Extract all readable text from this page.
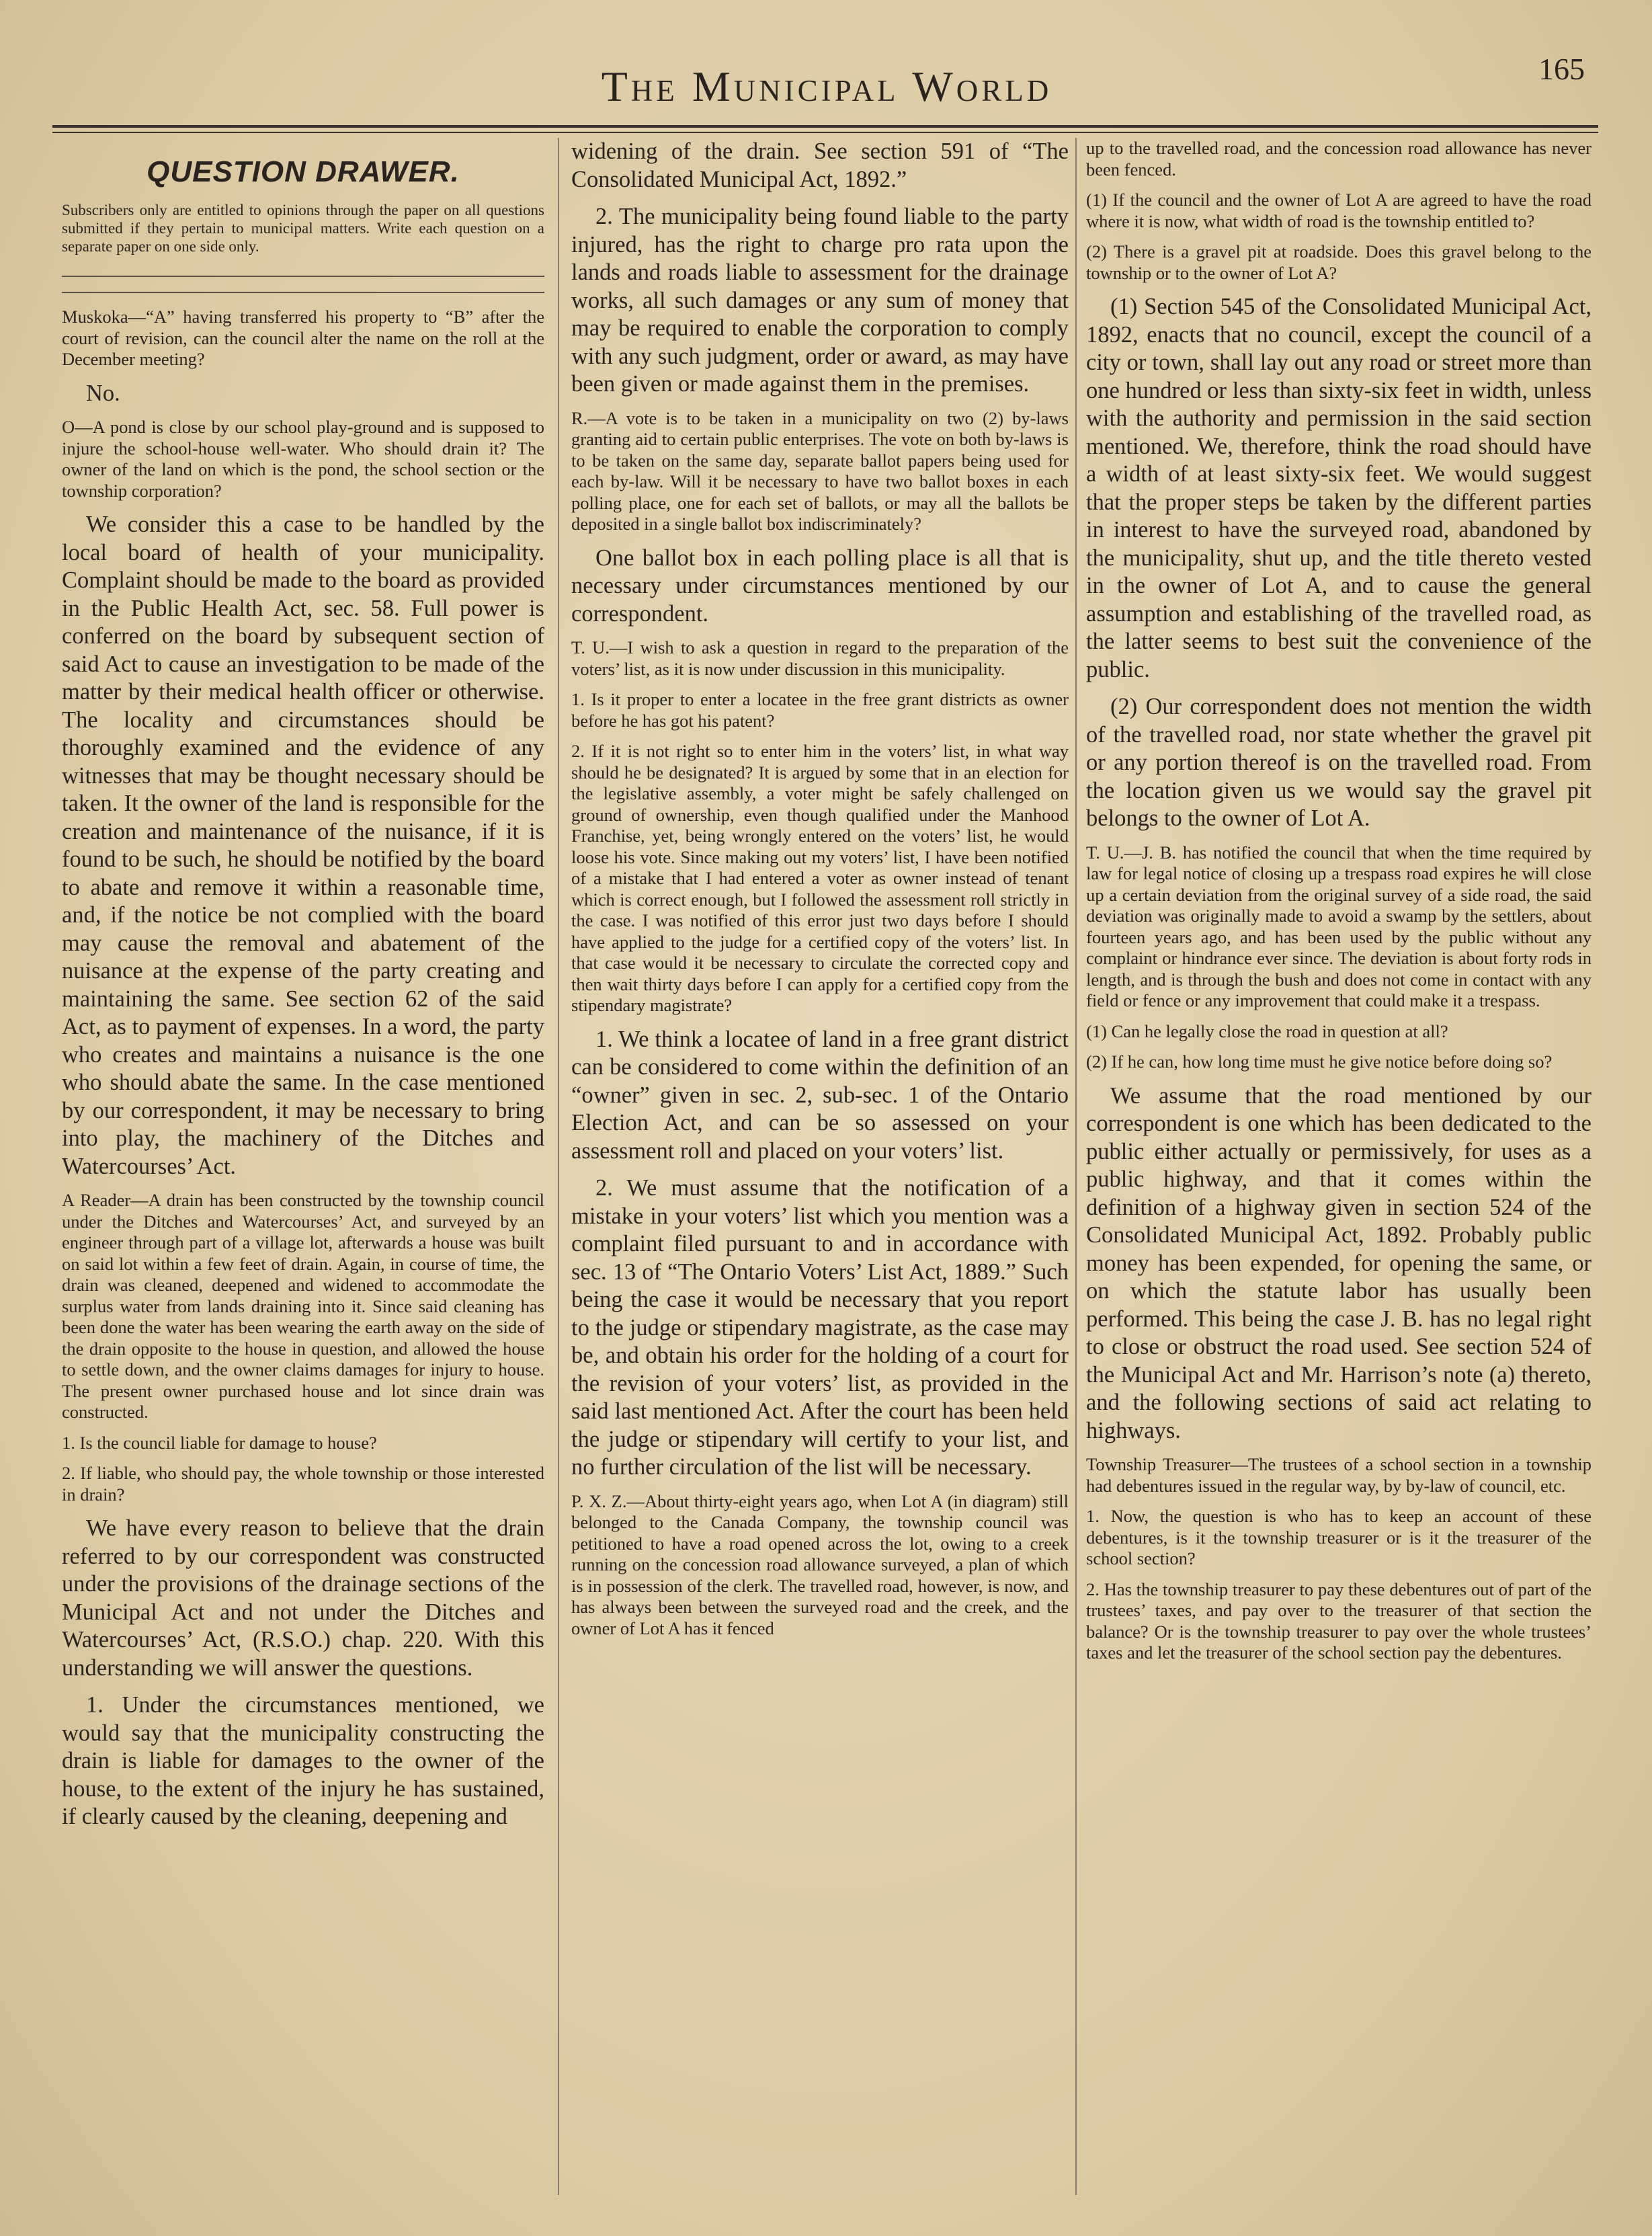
The Municipal World	165
QUESTION DRAWER.

Subscribers only are entitled to opinions through the paper on all questions submitted if they pertain to municipal matters. Write each question on a separate paper on one side only.

Muskoka—“A” having transferred his property to “B” after the court of revision, can the council alter the name on the roll at the December meeting?

No.

O—A pond is close by our school play-ground and is supposed to injure the school-house well-water. Who should drain it? The owner of the land on which is the pond, the school section or the township corporation?

We consider this a case to be handled by the local board of health of your municipality. Complaint should be made to the board as provided in the Public Health Act, sec. 58. Full power is conferred on the board by subsequent section of said Act to cause an investigation to be made of the matter by their medical health officer or otherwise. The locality and circumstances should be thoroughly examined and the evidence of any witnesses that may be thought necessary should be taken. It the owner of the land is responsible for the creation and maintenance of the nuisance, if it is found to be such, he should be notified by the board to abate and remove it within a reasonable time, and, if the notice be not complied with the board may cause the removal and abatement of the nuisance at the expense of the party creating and maintaining the same. See section 62 of the said Act, as to payment of expenses. In a word, the party who creates and maintains a nuisance is the one who should abate the same. In the case mentioned by our correspondent, it may be necessary to bring into play, the machinery of the Ditches and Watercourses’ Act.

A Reader—A drain has been constructed by the township council under the Ditches and Watercourses’ Act, and surveyed by an engineer through part of a village lot, afterwards a house was built on said lot within a few feet of drain. Again, in course of time, the drain was cleaned, deepened and widened to accommodate the surplus water from lands draining into it. Since said cleaning has been done the water has been wearing the earth away on the side of the drain opposite to the house in question, and allowed the house to settle down, and the owner claims damages for injury to house. The present owner purchased house and lot since drain was constructed.

1. Is the council liable for damage to house?

2. If liable, who should pay, the whole township or those interested in drain?

We have every reason to believe that the drain referred to by our correspondent was constructed under the provisions of the drainage sections of the Municipal Act and not under the Ditches and Watercourses’ Act, (R.S.O.) chap. 220. With this understanding we will answer the questions.

1. Under the circumstances mentioned, we would say that the municipality constructing the drain is liable for damages to the owner of the house, to the extent of the injury he has sustained, if clearly caused by the cleaning, deepening and

widening of the drain. See section 591 of “The Consolidated Municipal Act, 1892.”

2. The municipality being found liable to the party injured, has the right to charge pro rata upon the lands and roads liable to assessment for the drainage works, all such damages or any sum of money that may be required to enable the corporation to comply with any such judgment, order or award, as may have been given or made against them in the premises.

R.—A vote is to be taken in a municipality on two (2) by-laws granting aid to certain public enterprises. The vote on both by-laws is to be taken on the same day, separate ballot papers being used for each by-law. Will it be necessary to have two ballot boxes in each polling place, one for each set of ballots, or may all the ballots be deposited in a single ballot box indiscriminately?

One ballot box in each polling place is all that is necessary under circumstances mentioned by our correspondent.

T. U.—I wish to ask a question in regard to the preparation of the voters’ list, as it is now under discussion in this municipality.

1. Is it proper to enter a locatee in the free grant districts as owner before he has got his patent?

2. If it is not right so to enter him in the voters’ list, in what way should he be designated? It is argued by some that in an election for the legislative assembly, a voter might be safely challenged on ground of ownership, even though qualified under the Manhood Franchise, yet, being wrongly entered on the voters’ list, he would loose his vote. Since making out my voters’ list, I have been notified of a mistake that I had entered a voter as owner instead of tenant which is correct enough, but I followed the assessment roll strictly in the case. I was notified of this error just two days before I should have applied to the judge for a certified copy of the voters’ list. In that case would it be necessary to circulate the corrected copy and then wait thirty days before I can apply for a certified copy from the stipendary magistrate?

1. We think a locatee of land in a free grant district can be considered to come within the definition of an “owner” given in sec. 2, sub-sec. 1 of the Ontario Election Act, and can be so assessed on your assessment roll and placed on your voters’ list.

2. We must assume that the notification of a mistake in your voters’ list which you mention was a complaint filed pursuant to and in accordance with sec. 13 of “The Ontario Voters’ List Act, 1889.” Such being the case it would be necessary that you report to the judge or stipendary magistrate, as the case may be, and obtain his order for the holding of a court for the revision of your voters’ list, as provided in the said last mentioned Act. After the court has been held the judge or stipendary will certify to your list, and no further circulation of the list will be necessary.

P. X. Z.—About thirty-eight years ago, when Lot A (in diagram) still belonged to the Canada Company, the township council was petitioned to have a road opened across the lot, owing to a creek running on the concession road allowance surveyed, a plan of which is in possession of the clerk. The travelled road, however, is now, and has always been between the surveyed road and the creek, and the owner of Lot A has it fenced

up to the travelled road, and the concession road allowance has never been fenced.

(1) If the council and the owner of Lot A are agreed to have the road where it is now, what width of road is the township entitled to?

(2) There is a gravel pit at roadside. Does this gravel belong to the township or to the owner of Lot A?

(1) Section 545 of the Consolidated Municipal Act, 1892, enacts that no council, except the council of a city or town, shall lay out any road or street more than one hundred or less than sixty-six feet in width, unless with the authority and permission in the said section mentioned. We, therefore, think the road should have a width of at least sixty-six feet. We would suggest that the proper steps be taken by the different parties in interest to have the surveyed road, abandoned by the municipality, shut up, and the title thereto vested in the owner of Lot A, and to cause the general assumption and establishing of the travelled road, as the latter seems to best suit the convenience of the public.

(2) Our correspondent does not mention the width of the travelled road, nor state whether the gravel pit or any portion thereof is on the travelled road. From the location given us we would say the gravel pit belongs to the owner of Lot A.

T. U.—J. B. has notified the council that when the time required by law for legal notice of closing up a trespass road expires he will close up a certain deviation from the original survey of a side road, the said deviation was originally made to avoid a swamp by the settlers, about fourteen years ago, and has been used by the public without any complaint or hindrance ever since. The deviation is about forty rods in length, and is through the bush and does not come in contact with any field or fence or any improvement that could make it a trespass.

(1) Can he legally close the road in question at all?

(2) If he can, how long time must he give notice before doing so?

We assume that the road mentioned by our correspondent is one which has been dedicated to the public either actually or permissively, for uses as a public highway, and that it comes within the definition of a highway given in section 524 of the Consolidated Municipal Act, 1892. Probably public money has been expended, for opening the same, or on which the statute labor has usually been performed. This being the case J. B. has no legal right to close or obstruct the road used. See section 524 of the Municipal Act and Mr. Harrison’s note (a) thereto, and the following sections of said act relating to highways.

Township Treasurer—The trustees of a school section in a township had debentures issued in the regular way, by by-law of council, etc.

1. Now, the question is who has to keep an account of these debentures, is it the township treasurer or is it the treasurer of the school section?

2. Has the township treasurer to pay these debentures out of part of the trustees’ taxes, and pay over to the treasurer of that section the balance? Or is the township treasurer to pay over the whole trustees’ taxes and let the treasurer of the school section pay the debentures.
